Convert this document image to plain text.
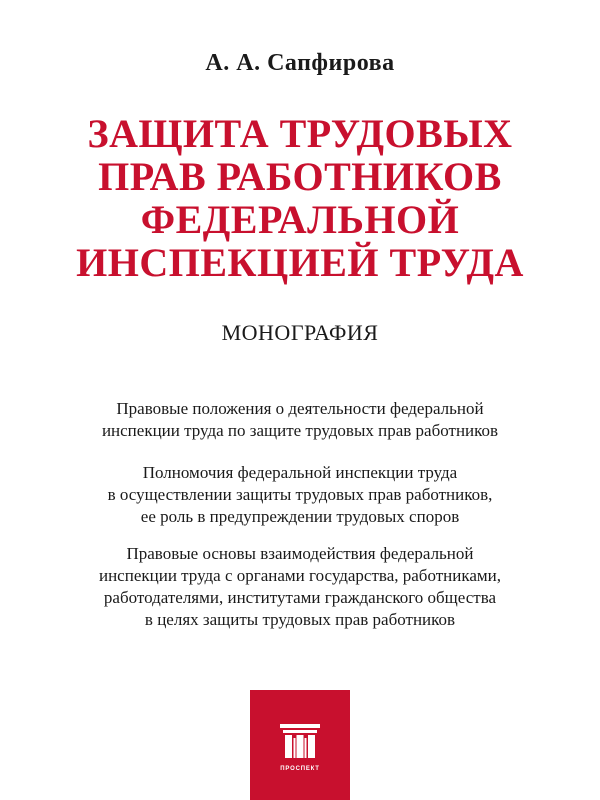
А. А. Сапфирова
ЗАЩИТА ТРУДОВЫХ
ПРАВ РАБОТНИКОВ
ФЕДЕРАЛЬНОЙ
ИНСПЕКЦИЕЙ ТРУДА
МОНОГРАФИЯ
Правовые положения о деятельности федеральной
инспекции труда по защите трудовых прав работников
Полномочия федеральной инспекции труда
в осуществлении защиты трудовых прав работников,
ее роль в предупреждении трудовых споров
Правовые основы взаимодействия федеральной
инспекции труда с органами государства, работниками,
работодателями, институтами гражданского общества
в целях защиты трудовых прав работников
ПРОСПЕКТ
